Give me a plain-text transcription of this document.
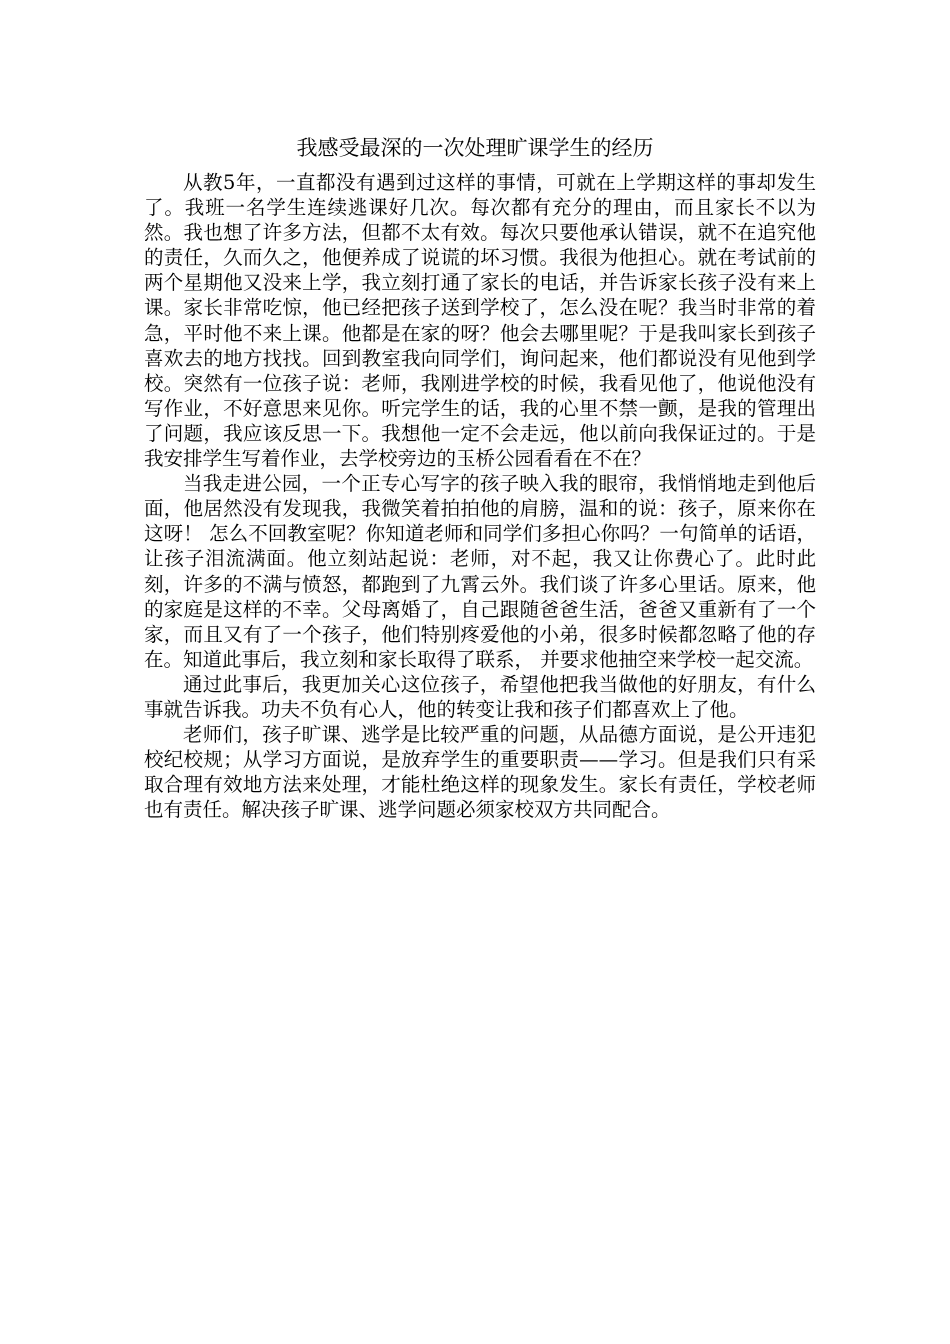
我感受最深的一次处理旷课学生的经历

从教5年，一直都没有遇到过这样的事情，可就在上学期这样的事却发生了。我班一名学生连续逃课好几次。每次都有充分的理由，而且家长不以为然。我也想了许多方法，但都不太有效。每次只要他承认错误，就不在追究他的责任，久而久之，他便养成了说谎的坏习惯。我很为他担心。就在考试前的两个星期他又没来上学，我立刻打通了家长的电话，并告诉家长孩子没有来上课。家长非常吃惊，他已经把孩子送到学校了，怎么没在呢？我当时非常的着急，平时他不来上课。他都是在家的呀？他会去哪里呢？于是我叫家长到孩子喜欢去的地方找找。回到教室我向同学们，询问起来，他们都说没有见他到学校。突然有一位孩子说：老师，我刚进学校的时候，我看见他了，他说他没有写作业，不好意思来见你。听完学生的话，我的心里不禁一颤，是我的管理出了问题，我应该反思一下。我想他一定不会走远，他以前向我保证过的。于是我安排学生写着作业，去学校旁边的玉桥公园看看在不在？

当我走进公园，一个正专心写字的孩子映入我的眼帘，我悄悄地走到他后面，他居然没有发现我，我微笑着拍拍他的肩膀，温和的说：孩子，原来你在这呀！ 怎么不回教室呢？你知道老师和同学们多担心你吗？一句简单的话语，让孩子泪流满面。他立刻站起说：老师，对不起，我又让你费心了。此时此刻，许多的不满与愤怒，都跑到了九霄云外。我们谈了许多心里话。原来，他的家庭是这样的不幸。父母离婚了，自己跟随爸爸生活，爸爸又重新有了一个家，而且又有了一个孩子，他们特别疼爱他的小弟，很多时候都忽略了他的存在。知道此事后，我立刻和家长取得了联系， 并要求他抽空来学校一起交流。

通过此事后，我更加关心这位孩子，希望他把我当做他的好朋友，有什么事就告诉我。功夫不负有心人，他的转变让我和孩子们都喜欢上了他。

老师们，孩子旷课、逃学是比较严重的问题，从品德方面说，是公开违犯校纪校规；从学习方面说，是放弃学生的重要职责——学习。但是我们只有采取合理有效地方法来处理，才能杜绝这样的现象发生。家长有责任，学校老师也有责任。解决孩子旷课、逃学问题必须家校双方共同配合。
